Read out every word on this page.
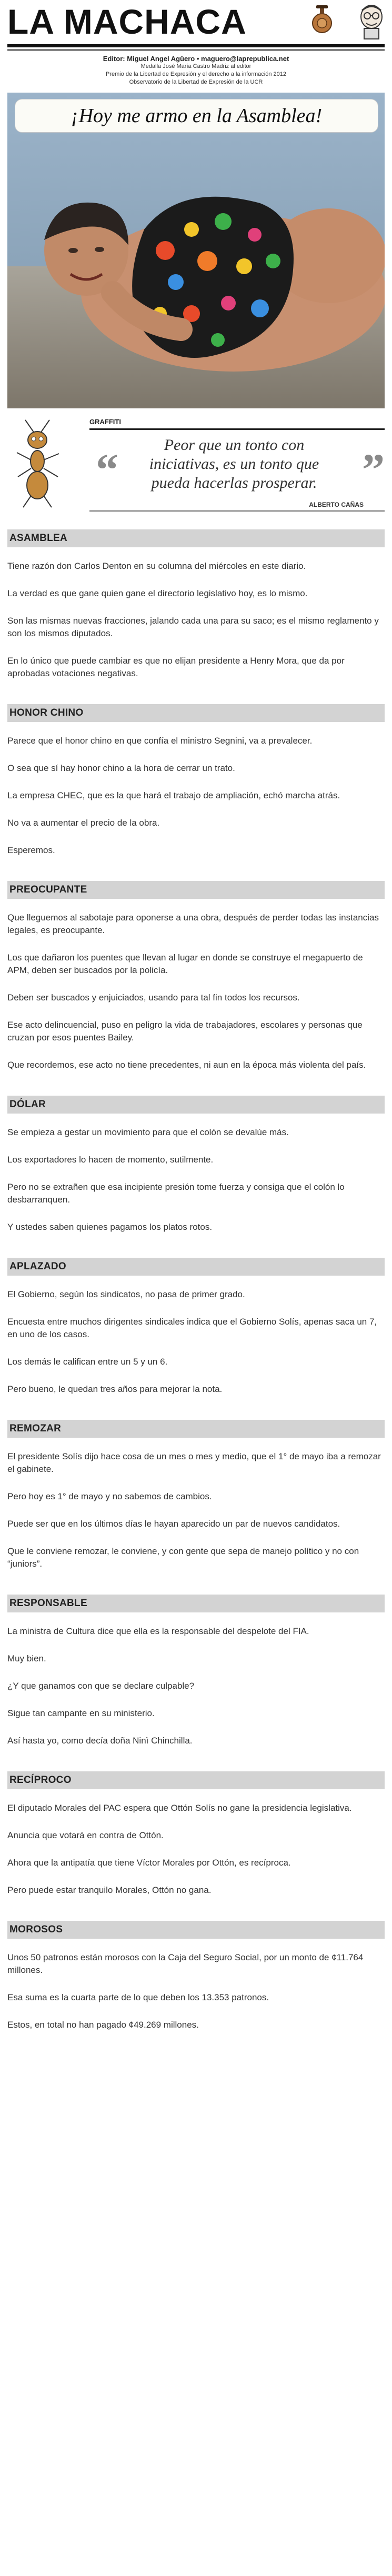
LA MACHACA
Editor: Miguel Angel Agüero • maguero@laprepublica.net
Medalla José María Castro Madriz al editor
Premio de la Libertad de Expresión y el derecho a la información 2012
Observatorio de la Libertad de Expresión de la UCR
¡Hoy me armo en la Asamblea!
GRAFFITI
“	Peor que un tonto con iniciativas, es un tonto que pueda hacerlas prosperar. ”
ALBERTO CAÑAS
ASAMBLEA

Tiene razón don Carlos Denton en su columna del miércoles en este diario.

La verdad es que gane quien gane el directorio legislativo hoy, es lo mismo.

Son las mismas nuevas fracciones, jalando cada una para su saco; es el mismo reglamento y son los mismos diputados.

En lo único que puede cambiar es que no elijan presidente a Henry Mora, que da por aprobadas votaciones negativas.

HONOR CHINO

Parece que el honor chino en que confía el ministro Segnini, va a prevalecer.

O sea que sí hay honor chino a la hora de cerrar un trato.

La empresa CHEC, que es la que hará el trabajo de ampliación, echó marcha atrás.

No va a aumentar el precio de la obra.

Esperemos.

PREOCUPANTE

Que lleguemos al sabotaje para oponerse a una obra, después de perder todas las instancias legales, es preocupante.

Los que dañaron los puentes que llevan al lugar en donde se construye el megapuerto de APM, deben ser buscados por la policía.

Deben ser buscados y enjuiciados, usando para tal fin todos los recursos.

Ese acto delincuencial, puso en peligro la vida de trabajadores, escolares y personas que cruzan por esos puentes Bailey.

Que recordemos, ese acto no tiene precedentes, ni aun en la época más violenta del país.

DÓLAR

Se empieza a gestar un movimiento para que el colón se devalúe más.

Los exportadores lo hacen de momento, sutilmente.

Pero no se extrañen que esa incipiente presión tome fuerza y consiga que el colón lo desbarranquen.

Y ustedes saben quienes pagamos los platos rotos.

APLAZADO

El Gobierno, según los sindicatos, no pasa de primer grado.

Encuesta entre muchos dirigentes sindicales indica que el Gobierno Solís, apenas saca un 7, en uno de los casos.

Los demás le califican entre un 5 y un 6.

Pero bueno, le quedan tres años para mejorar la nota.

REMOZAR

El presidente Solís dijo hace cosa de un mes o mes y medio, que el 1° de mayo iba a remozar el gabinete.

Pero hoy es 1° de mayo y no sabemos de cambios.

Puede ser que en los últimos días le hayan aparecido un par de nuevos candidatos.

Que le conviene remozar, le conviene, y con gente que sepa de manejo político y no con “juniors”.

RESPONSABLE

La ministra de Cultura dice que ella es la responsable del despelote del FIA.

Muy bien.

¿Y que ganamos con que se declare culpable?

Sigue tan campante en su ministerio.

Así hasta yo, como decía doña Ninì Chinchilla.

RECÍPROCO

El diputado Morales del PAC espera que Ottón Solís no gane la presidencia legislativa.

Anuncia que votará en contra de Ottón.

Ahora que la antipatía que tiene Víctor Morales por Ottón, es recíproca.

Pero puede estar tranquilo Morales, Ottón no gana.

MOROSOS

Unos 50 patronos están morosos con la Caja del Seguro Social, por un monto de ¢11.764 millones.

Esa suma es la cuarta parte de lo que deben los 13.353 patronos.

Estos, en total no han pagado ¢49.269 millones.
